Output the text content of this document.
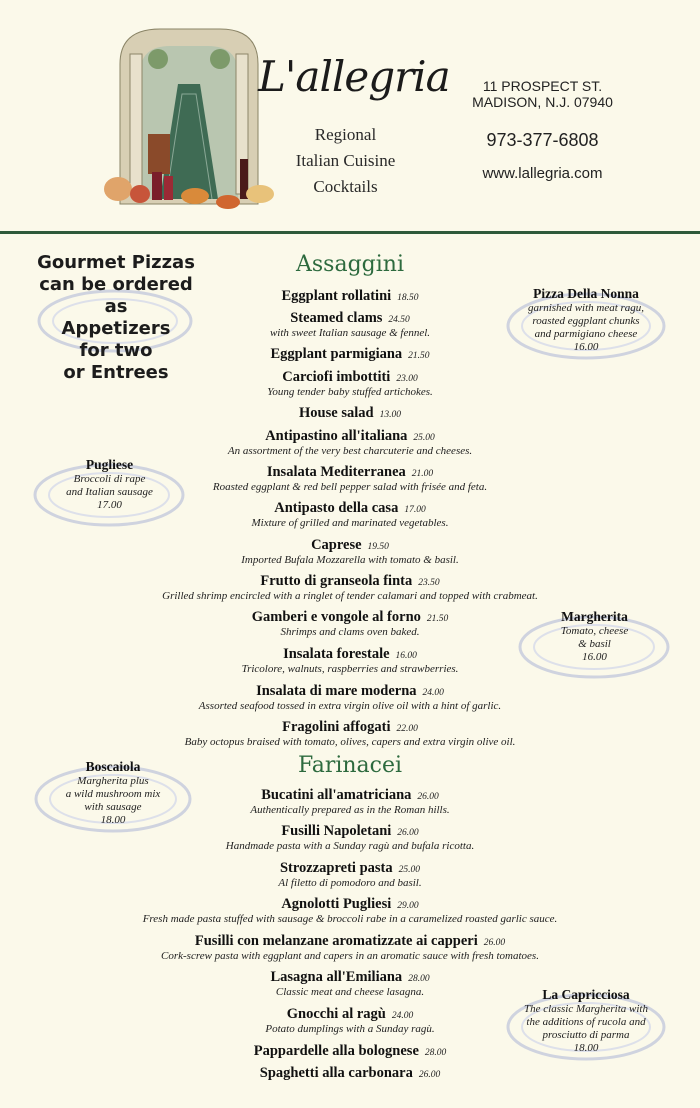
L'allegria
Regional
Italian Cuisine
Cocktails
11 PROSPECT ST.
MADISON, N.J. 07940
973-377-6808
www.lallegria.com
Gourmet Pizzas
can be ordered as
Appetizers
for two
or Entrees
Assaggini
Eggplant rollatini 18.50
Steamed clams 24.50
with sweet Italian sausage & fennel.
Eggplant parmigiana 21.50
Carciofi imbottiti 23.00
Young tender baby stuffed artichokes.
House salad 13.00
Antipastino all'italiana 25.00
An assortment of the very best charcuterie and cheeses.
Insalata Mediterranea 21.00
Roasted eggplant & red bell pepper salad with frisée and feta.
Antipasto della casa 17.00
Mixture of grilled and marinated vegetables.
Caprese 19.50
Imported Bufala Mozzarella with tomato & basil.
Frutto di granseola finta 23.50
Grilled shrimp encircled with a ringlet of tender calamari and topped with crabmeat.
Gamberi e vongole al forno 21.50
Shrimps and clams oven baked.
Insalata forestale 16.00
Tricolore, walnuts, raspberries and strawberries.
Insalata di mare moderna 24.00
Assorted seafood tossed in extra virgin olive oil with a hint of garlic.
Fragolini affogati 22.00
Baby octopus braised with tomato, olives, capers and extra virgin olive oil.
Farinacei
Bucatini all'amatriciana 26.00
Authentically prepared as in the Roman hills.
Fusilli Napoletani 26.00
Handmade pasta with a Sunday ragù and bufala ricotta.
Strozzapreti pasta 25.00
Al filetto di pomodoro and basil.
Agnolotti Pugliesi 29.00
Fresh made pasta stuffed with sausage & broccoli rabe in a caramelized roasted garlic sauce.
Fusilli con melanzane aromatizzate ai capperi 26.00
Cork-screw pasta with eggplant and capers in an aromatic sauce with fresh tomatoes.
Lasagna all'Emiliana 28.00
Classic meat and cheese lasagna.
Gnocchi al ragù 24.00
Potato dumplings with a Sunday ragù.
Pappardelle alla bolognese 28.00
Spaghetti alla carbonara 26.00
Pizza Della Nonna
garnished with meat ragu,
roasted eggplant chunks
and parmigiano cheese
16.00
Pugliese
Broccoli di rape
and Italian sausage
17.00
Margherita
Tomato, cheese
& basil
16.00
Boscaiola
Margherita plus
a wild mushroom mix
with sausage
18.00
La Capricciosa
The classic Margherita with
the additions of rucola and
prosciutto di parma
18.00
